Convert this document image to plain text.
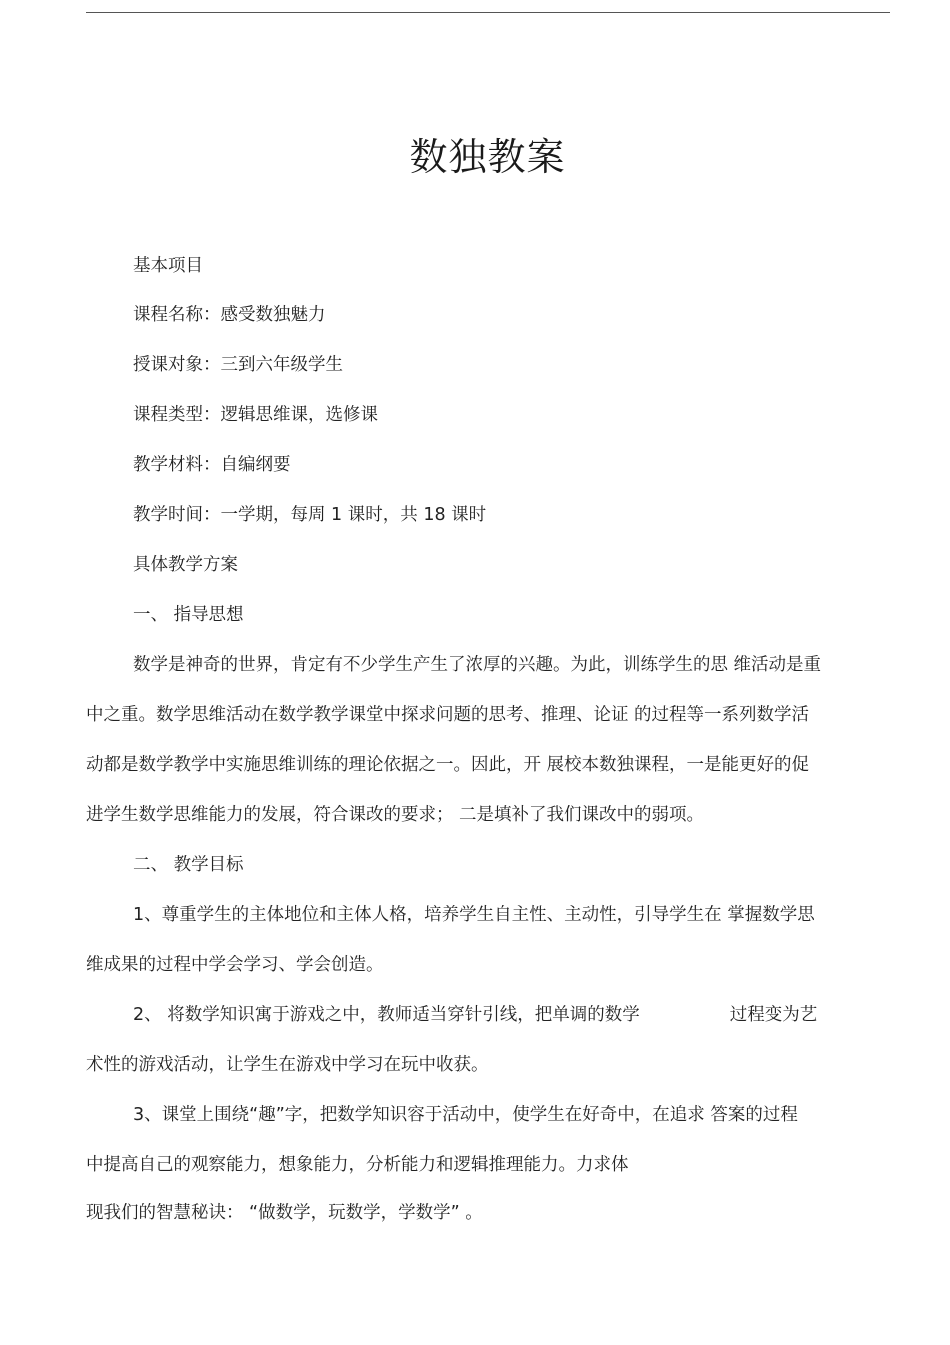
数独教案
基本项目
课程名称：感受数独魅力
授课对象：三到六年级学生
课程类型：逻辑思维课，选修课
教学材料：自编纲要
教学时间：一学期，每周 1 课时，共 18 课时
具体教学方案
一、 指导思想
数学是神奇的世界，肯定有不少学生产生了浓厚的兴趣。为此，训练学生的思 维活动是重
中之重。数学思维活动在数学教学课堂中探求问题的思考、推理、论证 的过程等一系列数学活
动都是数学教学中实施思维训练的理论依据之一。因此，开 展校本数独课程，一是能更好的促
进学生数学思维能力的发展，符合课改的要求； 二是填补了我们课改中的弱项。
二、 教学目标
1、尊重学生的主体地位和主体人格，培养学生自主性、主动性，引导学生在 掌握数学思
维成果的过程中学会学习、学会创造。
2、 将数学知识寓于游戏之中，教师适当穿针引线，把单调的数学	过程变为艺
术性的游戏活动，让学生在游戏中学习在玩中收获。
3、课堂上围绕“趣”字，把数学知识容于活动中，使学生在好奇中，在追求 答案的过程
中提高自己的观察能力，想象能力，分析能力和逻辑推理能力。力求体
现我们的智慧秘诀： “做数学，玩数学，学数学” 。
